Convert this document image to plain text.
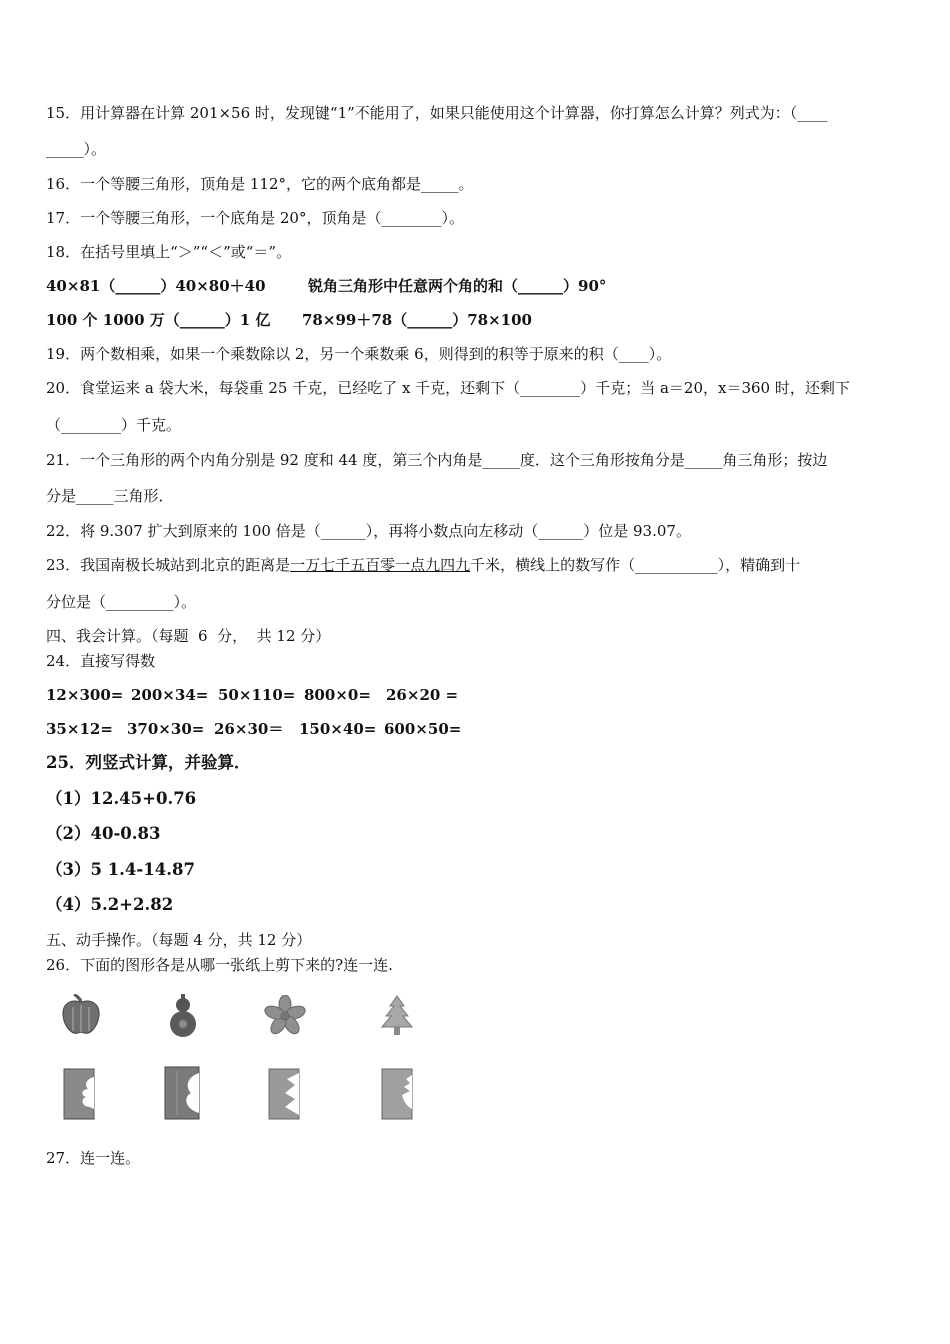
15．用计算器在计算 201×56 时，发现键“1”不能用了，如果只能使用这个计算器，你打算怎么计算？列式为：（____
_____）。
16．一个等腰三角形，顶角是 112°，它的两个底角都是_____。
17．一个等腰三角形，一个底角是 20°，顶角是（________）。
18．在括号里填上“＞”“＜”或“＝”。
40×81（______）40×80＋40	锐角三角形中任意两个角的和（______）90°
100 个 1000 万（______）1 亿 78×99＋78（______）78×100
19．两个数相乘，如果一个乘数除以 2，另一个乘数乘 6，则得到的积等于原来的积（____）。
20．食堂运来 a 袋大米，每袋重 25 千克，已经吃了 x 千克，还剩下（________）千克；当 a＝20，x＝360 时，还剩下
（________）千克。
21．一个三角形的两个内角分别是 92 度和 44 度，第三个内角是_____度．这个三角形按角分是_____角三角形；按边
分是_____三角形．
22．将 9.307 扩大到原来的 100 倍是（______），再将小数点向左移动（______）位是 93.07。
23．我国南极长城站到北京的距离是一万七千五百零一点九四九千米，横线上的数写作（___________），精确到十
分位是（_________）。
四、我会计算。（每题  6  分，  共 12 分）
24．直接写得数
12×300= 200×34= 50×110= 800×0= 26×20 =
35×12= 370×30= 26×30＝ 150×40= 600×50=
25．列竖式计算，并验算．
（1）12.45+0.76
（2）40-0.83
（3）5 1.4-14.87
（4）5.2+2.82
五、动手操作。（每题 4 分，共 12 分）
26．下面的图形各是从哪一张纸上剪下来的?连一连.
27．连一连。
